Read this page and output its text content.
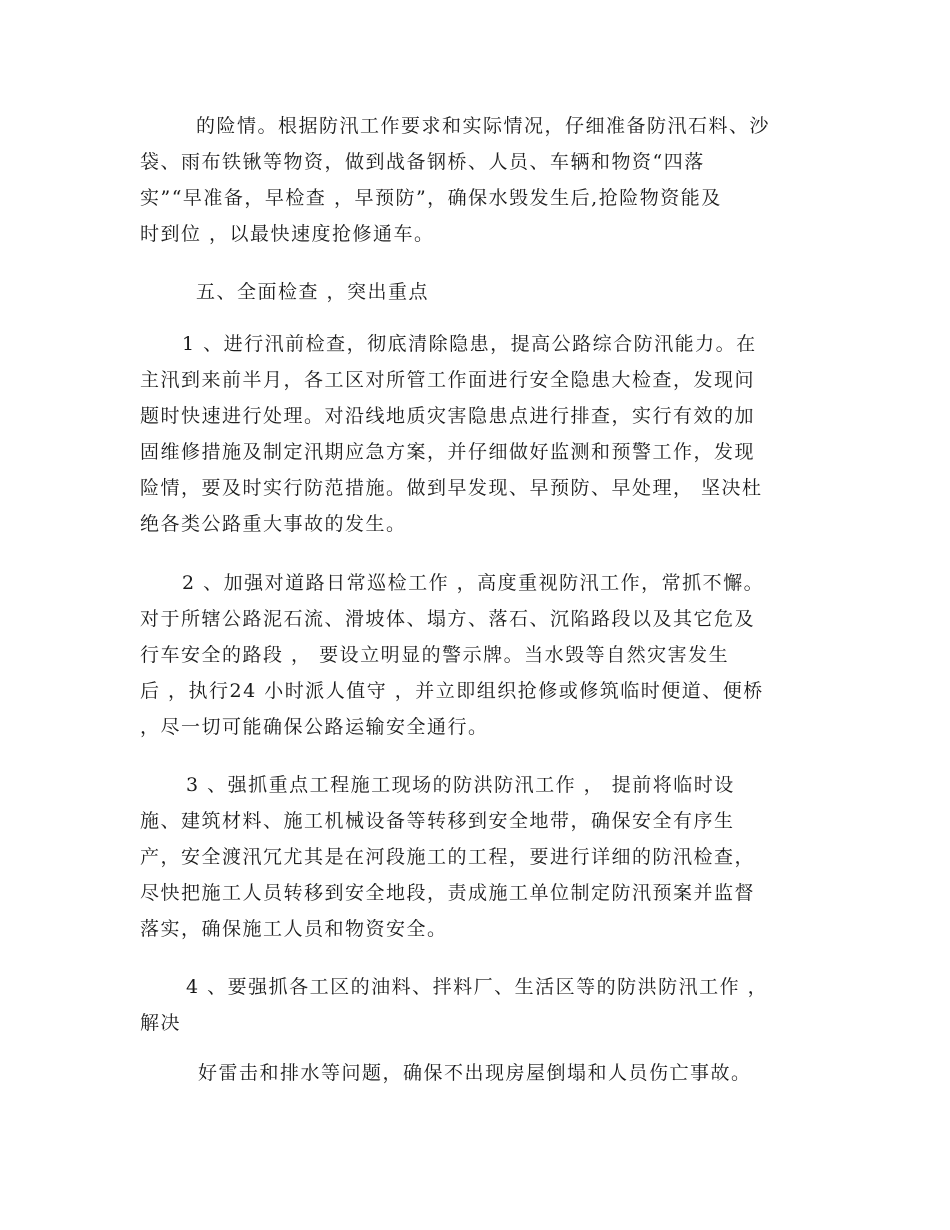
的险情。根据防汛工作要求和实际情况，仔细准备防汛石料、沙
袋、雨布铁锹等物资，做到战备钢桥、人员、车辆和物资“四落
实”“早准备，早检查 ，早预防”，确保水毁发生后,抢险物资能及
时到位 ，以最快速度抢修通车。
五、全面检查 ，突出重点
1 、进行汛前检查，彻底清除隐患，提高公路综合防汛能力。在
主汛到来前半月，各工区对所管工作面进行安全隐患大检查，发现问
题时快速进行处理。对沿线地质灾害隐患点进行排查，实行有效的加
固维修措施及制定汛期应急方案，并仔细做好监测和预警工作，发现
险情，要及时实行防范措施。做到早发现、早预防、早处理， 坚决杜
绝各类公路重大事故的发生。
2 、加强对道路日常巡检工作 ，高度重视防汛工作，常抓不懈。
对于所辖公路泥石流、滑坡体、塌方、落石、沉陷路段以及其它危及
行车安全的路段 ， 要设立明显的警示牌。当水毁等自然灾害发生
后 ，执行24 小时派人值守 ，并立即组织抢修或修筑临时便道、便桥
，尽一切可能确保公路运输安全通行。
3 、强抓重点工程施工现场的防洪防汛工作 ， 提前将临时设
施、建筑材料、施工机械设备等转移到安全地带，确保安全有序生
产，安全渡汛冗尤其是在河段施工的工程，要进行详细的防汛检查，
尽快把施工人员转移到安全地段，责成施工单位制定防汛预案并监督
落实，确保施工人员和物资安全。
4 、要强抓各工区的油料、拌料厂、生活区等的防洪防汛工作 ，
解决
好雷击和排水等问题，确保不出现房屋倒塌和人员伤亡事故。
